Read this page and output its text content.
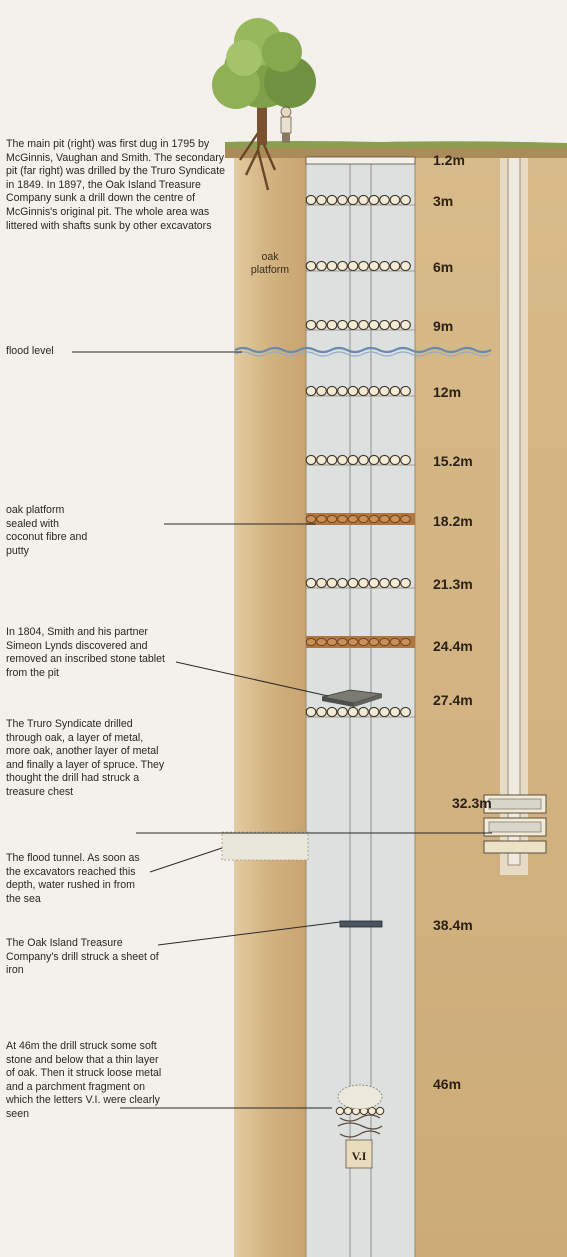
V.I
The main pit (right) was first dug in 1795 by McGinnis, Vaughan and Smith. The secondary pit (far right) was drilled by the Truro Syndicate in 1849. In 1897, the Oak Island Treasure Company sunk a drill down the centre of McGinnis's original pit. The whole area was littered with shafts sunk by other excavators
flood level
oak platform sealed with coconut fibre and putty
In 1804, Smith and his partner Simeon Lynds discovered and removed an inscribed stone tablet from the pit
The Truro Syndicate drilled through oak, a layer of metal, more oak, another layer of metal and finally a layer of spruce. They thought the drill had struck a treasure chest
The flood tunnel. As soon as the excavators reached this depth, water rushed in from the sea
The Oak Island Treasure Company's drill struck a sheet of iron
At 46m the drill struck some soft stone and below that a thin layer of oak. Then it struck loose metal and a parchment fragment on which the letters V.I. were clearly seen
oak platform
1.2m
3m
6m
9m
12m
15.2m
18.2m
21.3m
24.4m
27.4m
32.3m
38.4m
46m
